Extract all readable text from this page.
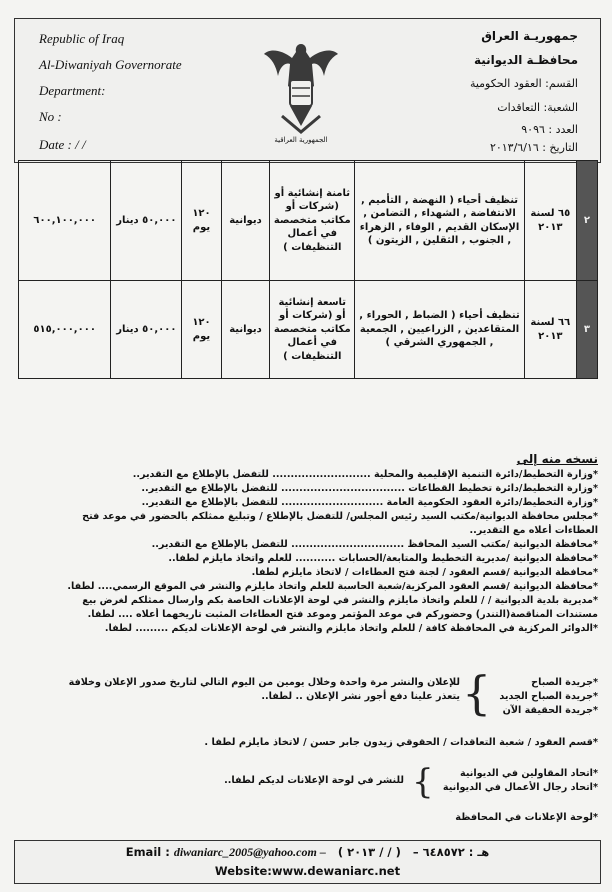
Republic of Iraq
Al-Diwaniyah Governorate
Department:
No :
Date : / /
جمهوريـة العراق
محافظـة الديوانية
القسم: العقود الحكومية
الشعبة: التعاقدات
العدد : ٩٠٩٦
التاريخ : ٢٠١٣/٦/١٦
الجمهورية العراقية
٢	٦٥ لسنة ٢٠١٣	تنظيف أحياء ( النهضة , التأميم , الانتفاضة , الشهداء , التضامن , الإسكان القديم , الوفاء , الزهراء , الجنوب , الثقلين , الزيتون )	ثامنة إنشائية أو (شركات أو مكاتب متخصصة في أعمال التنظيفات )	ديوانية	١٢٠ يوم	٥٠,٠٠٠ دينار	٦٠٠,١٠٠,٠٠٠
٣	٦٦ لسنة ٢٠١٣	تنظيف أحياء ( الضباط , الحوراء , المتقاعدين , الزراعيين , الجمعية , الجمهوري الشرقي )	تاسعة إنشائية أو (شركات أو مكاتب متخصصة في أعمال التنظيفات )	ديوانية	١٢٠ يوم	٥٠,٠٠٠ دينار	٥١٥,٠٠٠,٠٠٠
نسخه منه إلى
*وزارة التخطيط/دائرة التنمية الإقليمية والمحلية ........................... للتفضل بالإطلاع مع التقدير..
*وزارة التخطيط/دائرة تخطيط القطاعات .................................. للتفضل بالإطلاع مع التقدير..
*وزارة التخطيط/دائرة العقود الحكومية العامة ............................ للتفضل بالإطلاع مع التقدير..
*مجلس محافظة الديوانية/مكتب السيد رئيس المجلس/ للتفضل بالإطلاع / وتبليغ ممثلكم بالحضور في موعد فتح
العطاءات أعلاه مع التقدير..
*محافظة الديوانية /مكتب السيد المحافظ ............................... للتفضل بالإطلاع مع التقدير..
*محافظة الديوانية /مديرية التخطيط والمتابعة/الحسابات ........... للعلم واتخاذ مايلزم لطفا..
*محافظة الديوانية /قسم العقود / لجنة فتح العطاءات / لاتخاذ مايلزم لطفا.
*محافظة الديوانية /قسم العقود المركزية/شعبة الحاسبة للعلم واتخاذ مايلزم والنشر في الموقع الرسمي.... لطفا.
*مديرية بلدية الديوانية / / للعلم واتخاذ مايلزم والنشر في لوحة الإعلانات الخاصة بكم وارسال ممثلكم لغرض بيع
مستندات المناقصة(التندر) وحضوركم في موعد المؤتمر وموعد فتح العطاءات المثبت تاريخهما أعلاه .... لطفا.
*الدوائر المركزية في المحافظة كافة / للعلم واتخاذ مايلزم والنشر في لوحة الإعلانات لديكم ......... لطفا.
*جريدة الصباح
*جريدة الصباح الجديد
*جريدة الحقيقة الآن
{
للإعلان والنشر مرة واحدة وخلال يومين من اليوم التالي لتاريخ صدور الإعلان وخلافة
يتعذر علينا دفع أجور نشر الإعلان .. لطفا..
*قسم العقود / شعبة التعاقدات / الحقوقي زيدون جابر حسن / لاتخاذ مايلزم لطفا .
*اتحاد المقاولين في الديوانية
*اتحاد رجال الأعمال في الديوانية
{
للنشر في لوحة الإعلانات لديكم لطفا..
*لوحة الإعلانات في المحافظة
Email : diwaniarc_2005@yahoo.com – ( ٢٠١٣ / / ) هـ : ٦٤٨٥٧٢ –
Website:www.dewaniarc.net
